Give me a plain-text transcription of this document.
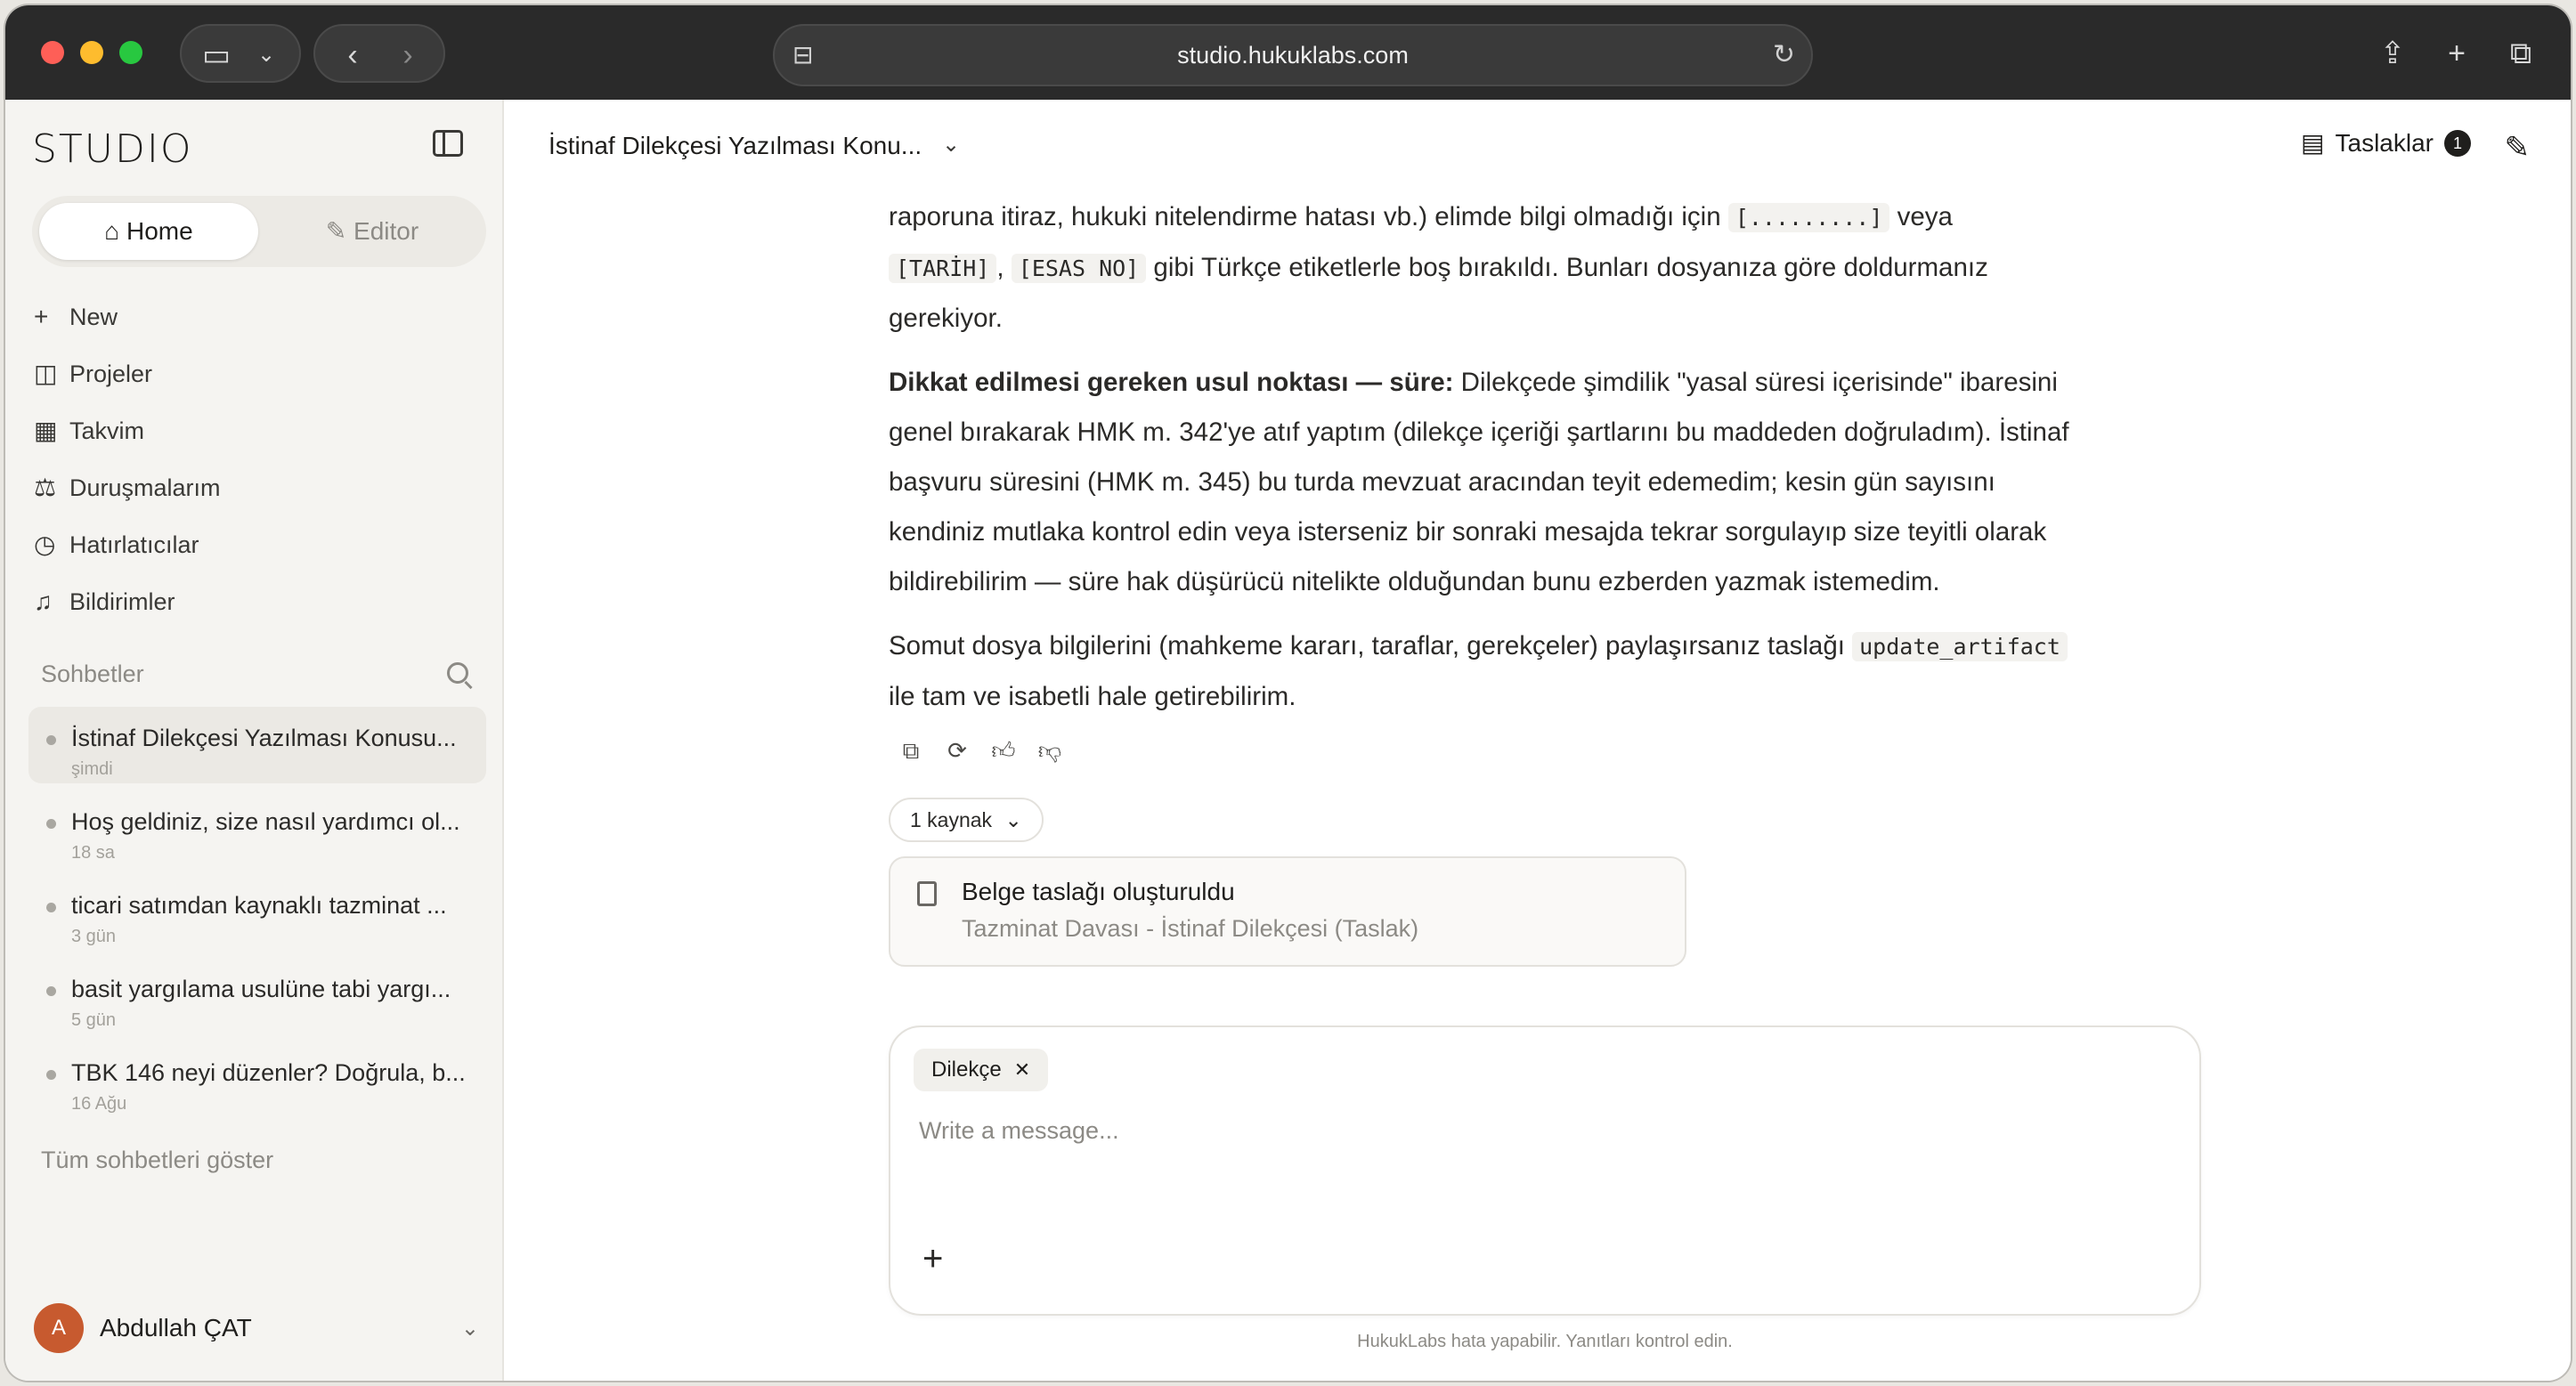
▭	⌄	‹	›	⊟	studio.hukuklabs.com	↻	⇪	+	⧉
STUDIO
⌂ Home	✎ Editor
+ New
◫ Projeler
▦ Takvim
⚖ Duruşmalarım
◷ Hatırlatıcılar
♫ Bildirimler
Sohbetler
İstinaf Dilekçesi Yazılması Konusu...
şimdi
Hoş geldiniz, size nasıl yardımcı ol...
18 sa
ticari satımdan kaynaklı tazminat ...
3 gün
basit yargılama usulüne tabi yargı...
5 gün
TBK 146 neyi düzenler? Doğrula, b...
16 Ağu
Tüm sohbetleri göster
A	Abdullah ÇAT	⌄
İstinaf Dilekçesi Yazılması Konu... ⌄	▤ Taslaklar	1 ✎

raporuna itiraz, hukuki nitelendirme hatası vb.) elimde bilgi olmadığı için [.........] veya [TARİH] , [ESAS NO] gibi Türkçe etiketlerle boş bırakıldı. Bunları dosyanıza göre doldurmanız gerekiyor.

Dikkat edilmesi gereken usul noktası — süre: Dilekçede şimdilik "yasal süresi içerisinde" ibaresini genel bırakarak HMK m. 342'ye atıf yaptım (dilekçe içeriği şartlarını bu maddeden doğruladım). İstinaf başvuru süresini (HMK m. 345) bu turda mevzuat aracından teyit edemedim; kesin gün sayısını kendiniz mutlaka kontrol edin veya isterseniz bir sonraki mesajda tekrar sorgulayıp size teyitli olarak bildirebilirim — süre hak düşürücü nitelikte olduğundan bunu ezberden yazmak istemedim.

Somut dosya bilgilerini (mahkeme kararı, taraflar, gerekçeler) paylaşırsanız taslağı update_artifact ile tam ve isabetli hale getirebilirim.

⧉ ⟳ 👍︎ 👎︎
1 kaynak ⌄
Belge taslağı oluşturuldu
Tazminat Davası - İstinaf Dilekçesi (Taslak)
Dilekçe ✕
Write a message...
+
HukukLabs hata yapabilir. Yanıtları kontrol edin.
